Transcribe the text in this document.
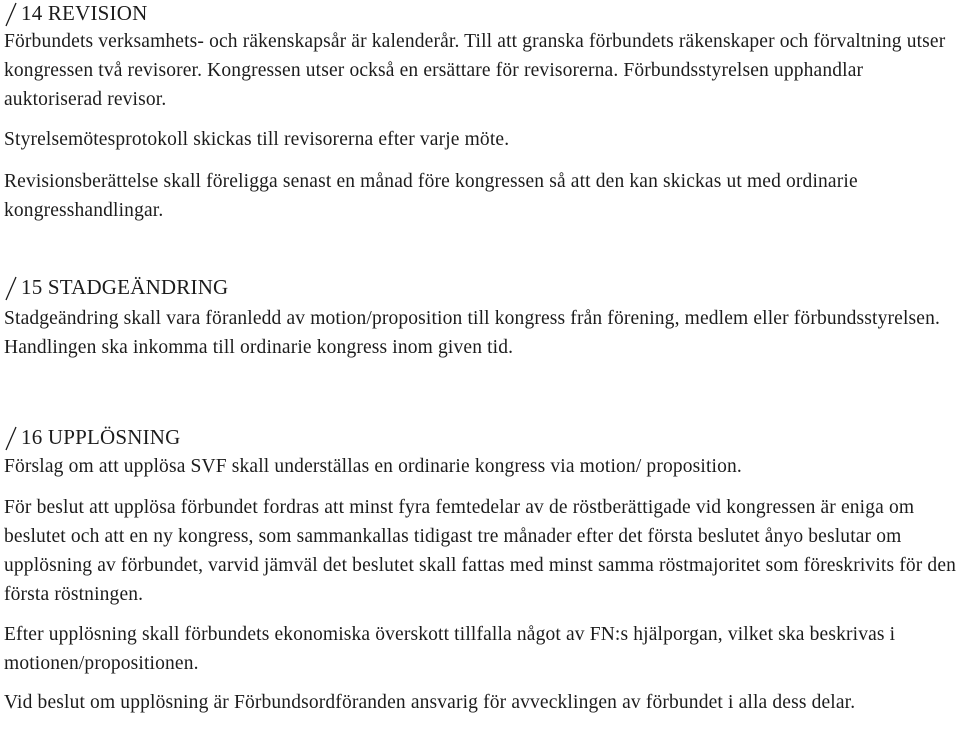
14 REVISION

Förbundets verksamhets- och räkenskapsår är kalenderår. Till att granska förbundets räkenskaper och förvaltning utser kongressen två revisorer. Kongressen utser också en ersättare för revisorerna. Förbundsstyrelsen upphandlar auktoriserad revisor.

Styrelsemötesprotokoll skickas till revisorerna efter varje möte.

Revisionsberättelse skall föreligga senast en månad före kongressen så att den kan skickas ut med ordinarie kongresshandlingar.

15 STADGEÄNDRING

Stadgeändring skall vara föranledd av motion/proposition till kongress från förening, medlem eller förbundsstyrelsen. Handlingen ska inkomma till ordinarie kongress inom given tid.

16 UPPLÖSNING

Förslag om att upplösa SVF skall underställas en ordinarie kongress via motion/ proposition.

För beslut att upplösa förbundet fordras att minst fyra femtedelar av de röstberättigade vid kongressen är eniga om beslutet och att en ny kongress, som sammankallas tidigast tre månader efter det första beslutet ånyo beslutar om upplösning av förbundet, varvid jämväl det beslutet skall fattas med minst samma röstmajoritet som föreskrivits för den första röstningen.

Efter upplösning skall förbundets ekonomiska överskott tillfalla något av FN:s hjälporgan, vilket ska beskrivas i motionen/propositionen.

Vid beslut om upplösning är Förbundsordföranden ansvarig för avvecklingen av förbundet i alla dess delar.
